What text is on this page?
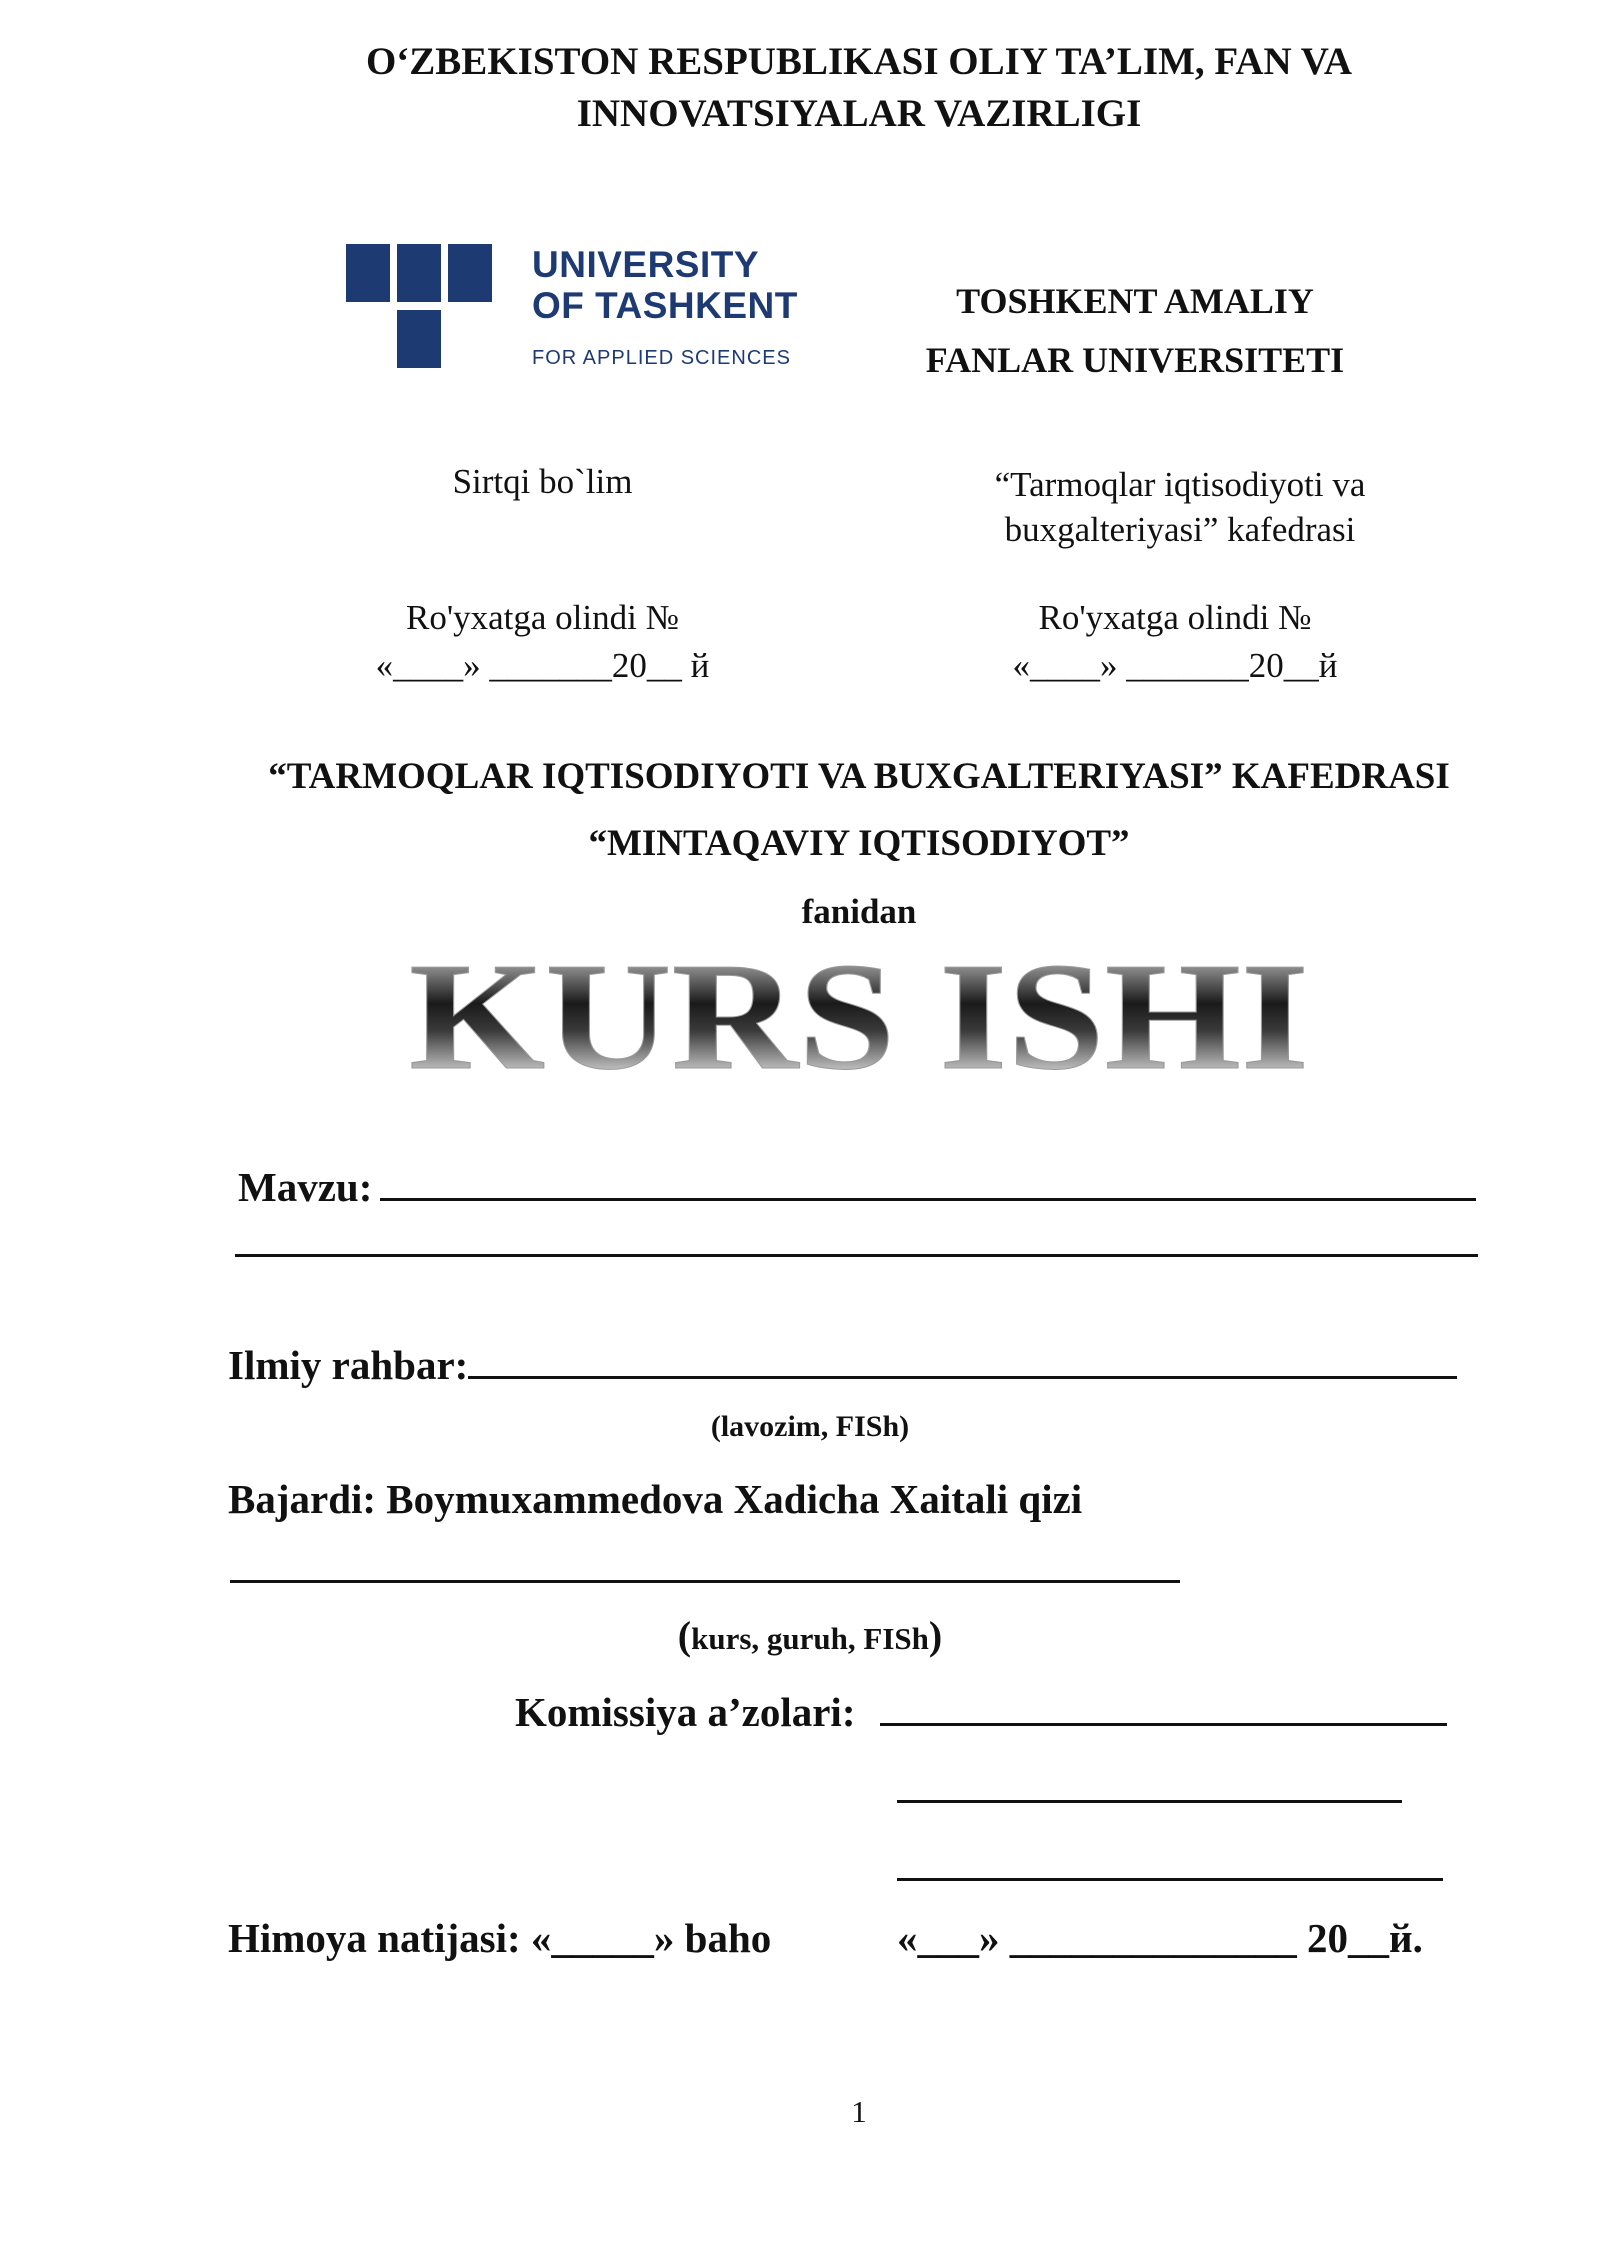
O‘ZBEKISTON RESPUBLIKASI OLIY TA’LIM, FAN VA
INNOVATSIYALAR VAZIRLIGI
UNIVERSITY
OF TASHKENT
FOR APPLIED SCIENCES
TOSHKENT AMALIY
FANLAR UNIVERSITETI
Sirtqi bo`lim	“Tarmoqlar iqtisodiyoti va
buxgalteriyasi” kafedrasi
Ro'yxatga olindi №
«____» _______20__ й
Ro'yxatga olindi №
«____» _______20__й
“TARMOQLAR IQTISODIYOTI VA BUXGALTERIYASI” KAFEDRASI
“MINTAQAVIY IQTISODIYOT”
fanidan
KURS ISHI
Mavzu:
Ilmiy rahbar:
(lavozim, FISh)
Bajardi: Boymuxammedova Xadicha Xaitali qizi
(kurs, guruh, FISh)
Komissiya a’zolari:
Himoya natijasi: «_____» baho	«___» ______________ 20__й.
1
